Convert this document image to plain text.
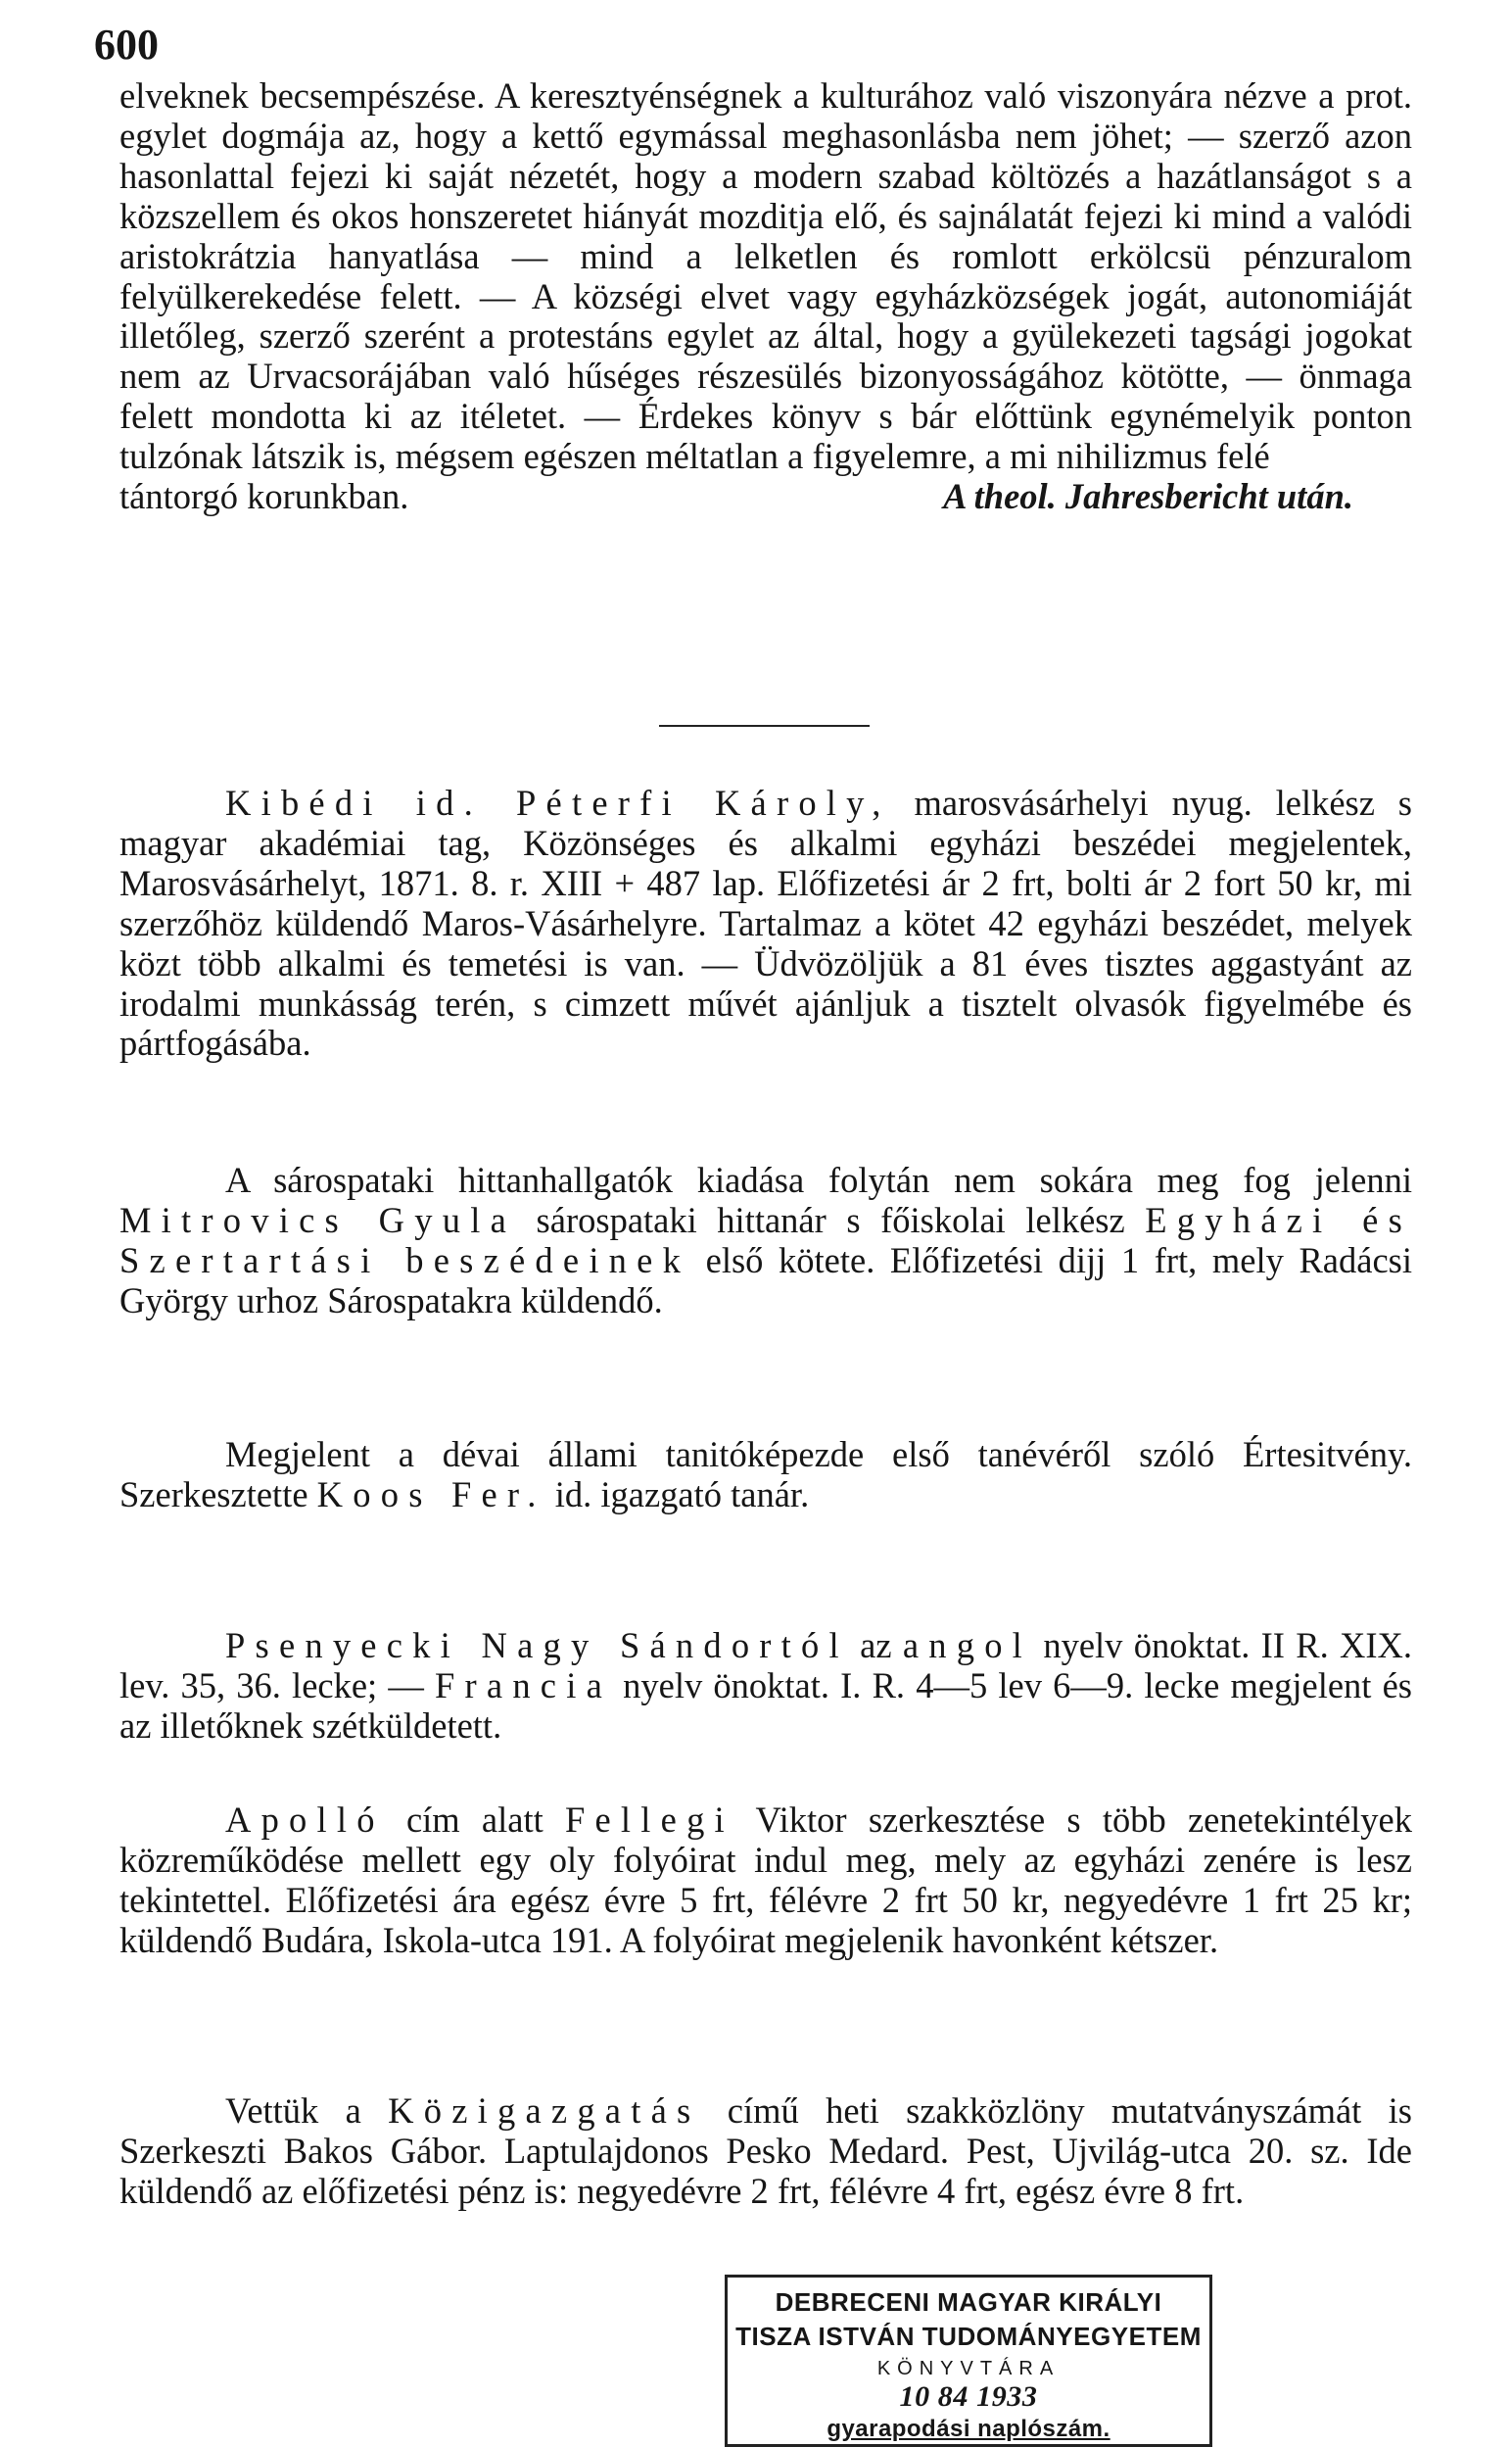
600

elveknek becsempészése. A keresztyénségnek a kulturához való viszonyára nézve a prot. egylet dogmája az, hogy a kettő egymással meghasonlásba nem jöhet; — szerző azon hasonlattal fejezi ki saját nézetét, hogy a modern szabad költözés a hazátlanságot s a közszellem és okos honszeretet hiányát mozditja elő, és sajnálatát fejezi ki mind a valódi aristokrátzia hanyatlása — mind a lelketlen és romlott erkölcsü pénzuralom felyülkerekedése felett. — A községi elvet vagy egyházközségek jogát, autonomiáját illetőleg, szerző szerént a protestáns egylet az által, hogy a gyülekezeti tagsági jogokat nem az Urvacsorájában való hűséges részesülés bizonyosságához kötötte, — önmaga felett mondotta ki az itéletet. — Érdekes könyv s bár előttünk egynémelyik ponton tulzónak látszik is, mégsem egészen méltatlan a figyelemre, a mi nihilizmus felé

tántorgó korunkban.	A theol. Jahresbericht után.

Kibédi id. Péterfi Károly, marosvásárhelyi nyug. lelkész s magyar akadémiai tag, Közönséges és alkalmi egyházi beszédei megjelentek, Marosvásárhelyt, 1871. 8. r. XIII + 487 lap. Előfizetési ár 2 frt, bolti ár 2 fort 50 kr, mi szerzőhöz küldendő Maros-Vásárhelyre. Tartalmaz a kötet 42 egyházi beszédet, melyek közt több alkalmi és temetési is van. — Üdvözöljük a 81 éves tisztes aggastyánt az irodalmi munkásság terén, s cimzett művét ajánljuk a tisztelt olvasók figyelmébe és pártfogásába.

A sárospataki hittanhallgatók kiadása folytán nem sokára meg fog jelenni Mitrovics Gyula sárospataki hittanár s főiskolai lelkész Egyházi és Szertartási beszédeinek első kötete. Előfizetési dijj 1 frt, mely Radácsi György urhoz Sárospatakra küldendő.

Megjelent a dévai állami tanitóképezde első tanévéről szóló Értesitvény. Szerkesztette Koos Fer. id. igazgató tanár.

Psenyecki Nagy Sándortól az angol nyelv önoktat. II R. XIX. lev. 35, 36. lecke; — Francia nyelv önoktat. I. R. 4—5 lev 6—9. lecke megjelent és az illetőknek szétküldetett.

Apolló cím alatt Fellegi Viktor szerkesztése s több zenetekintélyek közreműködése mellett egy oly folyóirat indul meg, mely az egyházi zenére is lesz tekintettel. Előfizetési ára egész évre 5 frt, félévre 2 frt 50 kr, negyedévre 1 frt 25 kr; küldendő Budára, Iskola-utca 191. A folyóirat megjelenik havonként kétszer.

Vettük a Közigazgatás című heti szakközlöny mutatványszámát is Szerkeszti Bakos Gábor. Laptulajdonos Pesko Medard. Pest, Ujvilág-utca 20. sz. Ide küldendő az előfizetési pénz is: negyedévre 2 frt, félévre 4 frt, egész évre 8 frt.

DEBRECENI MAGYAR KIRÁLYI
TISZA ISTVÁN TUDOMÁNYEGYETEM
KÖNYVTÁRA
10 84 1933
gyarapodási naplószám.
